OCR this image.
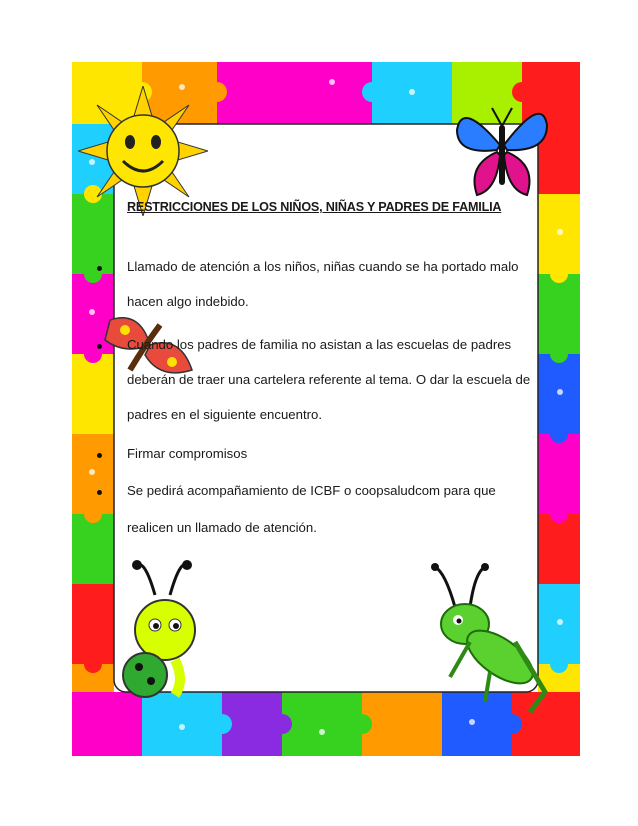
RESTRICCIONES DE LOS NIÑOS, NIÑAS Y PADRES DE FAMILIA
Llamado de atención a los niños, niñas cuando se ha portado malo
hacen algo indebido.
Cuando los padres de familia no asistan a las escuelas de padres
deberán de traer una cartelera referente al tema. O dar la escuela de
padres en el siguiente encuentro.
Firmar compromisos
Se pedirá acompañamiento de ICBF o coopsaludcom para que
realicen un llamado de atención.
